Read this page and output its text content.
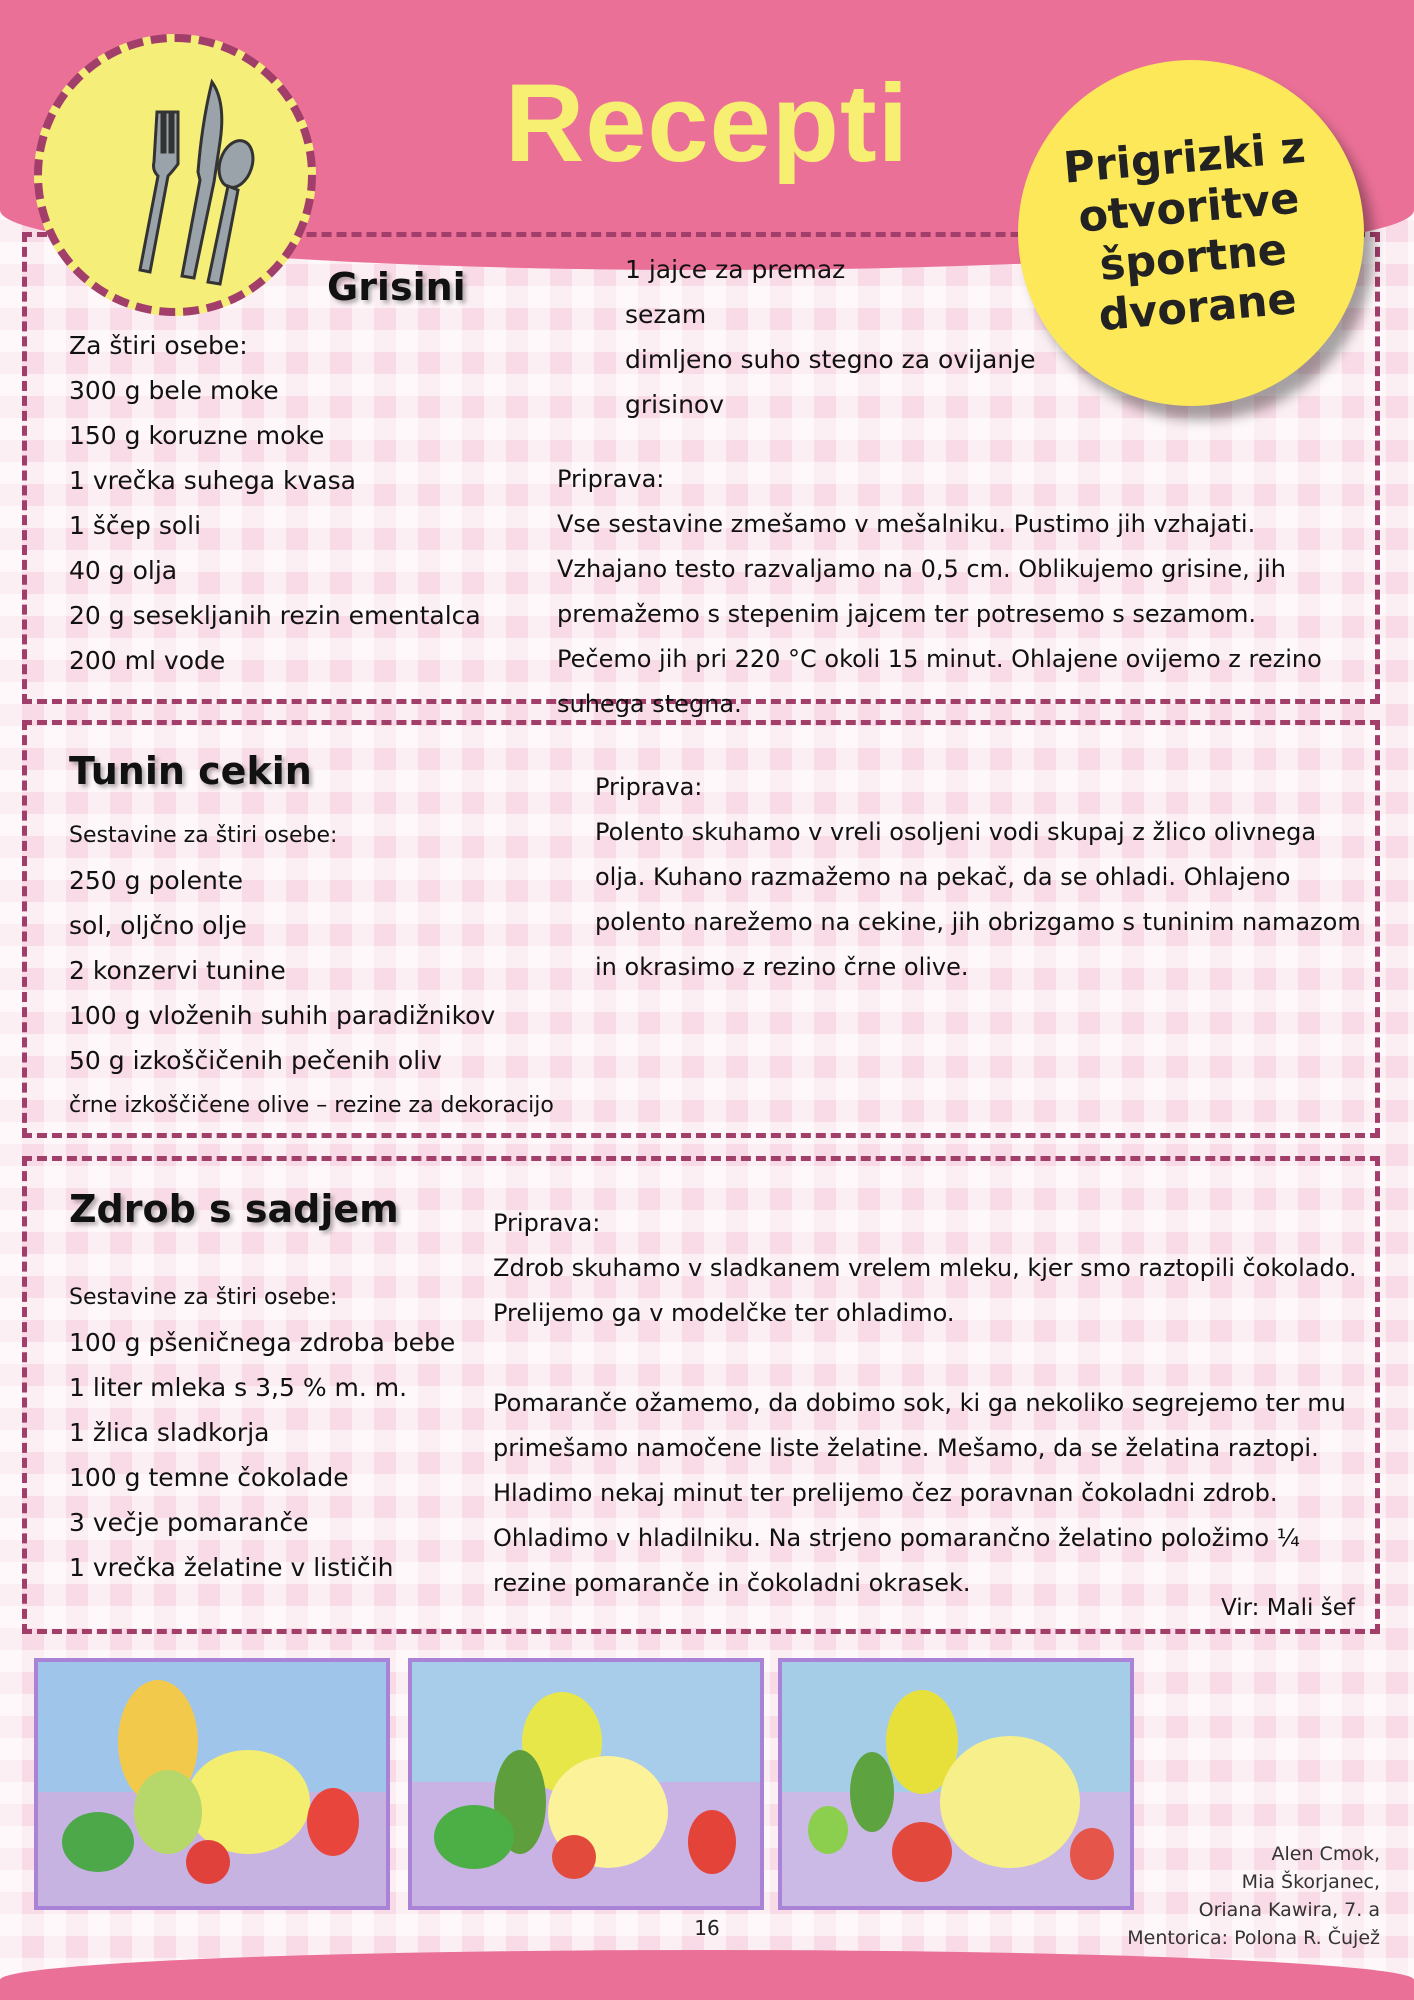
Recepti	Prigrizki z
otvoritve
športne
dvorane
Grisini
Za štiri osebe:
300 g bele moke
150 g koruzne moke
1 vrečka suhega kvasa
1 ščep soli
40 g olja
20 g sesekljanih rezin ementalca
200 ml vode
1 jajce za premaz
sezam
dimljeno suho stegno za ovijanje
grisinov

Priprava:

Vse sestavine zmešamo v mešalniku. Pustimo jih vzhajati. Vzhajano testo razvaljamo na 0,5 cm. Oblikujemo grisine, jih premažemo s stepenim jajcem ter potresemo s sezamom. Pečemo jih pri 220 °C okoli 15 minut. Ohlajene ovijemo z rezino suhega stegna.

Tunin cekin
Sestavine za štiri osebe:
250 g polente
sol, oljčno olje
2 konzervi tunine
100 g vloženih suhih paradižnikov
50 g izkoščičenih pečenih oliv
črne izkoščičene olive – rezine za dekoracijo

Priprava:

Polento skuhamo v vreli osoljeni vodi skupaj z žlico olivnega olja. Kuhano razmažemo na pekač, da se ohladi. Ohlajeno polento narežemo na cekine, jih obrizgamo s tuninim namazom in okrasimo z rezino črne olive.

Zdrob s sadjem
Sestavine za štiri osebe:
100 g pšeničnega zdroba bebe
1 liter mleka s 3,5 % m. m.
1 žlica sladkorja
100 g temne čokolade
3 večje pomaranče
1 vrečka želatine v lističih

Priprava:

Zdrob skuhamo v sladkanem vrelem mleku, kjer smo raztopili čokolado. Prelijemo ga v modelčke ter ohladimo.

Pomaranče ožamemo, da dobimo sok, ki ga nekoliko segrejemo ter mu primešamo namočene liste želatine. Mešamo, da se želatina raztopi. Hladimo nekaj minut ter prelijemo čez poravnan čokoladni zdrob. Ohladimo v hladilniku. Na strjeno pomarančno želatino položimo ¼ rezine pomaranče in čokoladni okrasek.

Vir: Mali šef
Alen Cmok,
Mia Škorjanec,
Oriana Kawira, 7. a
Mentorica: Polona R. Čujež
16
